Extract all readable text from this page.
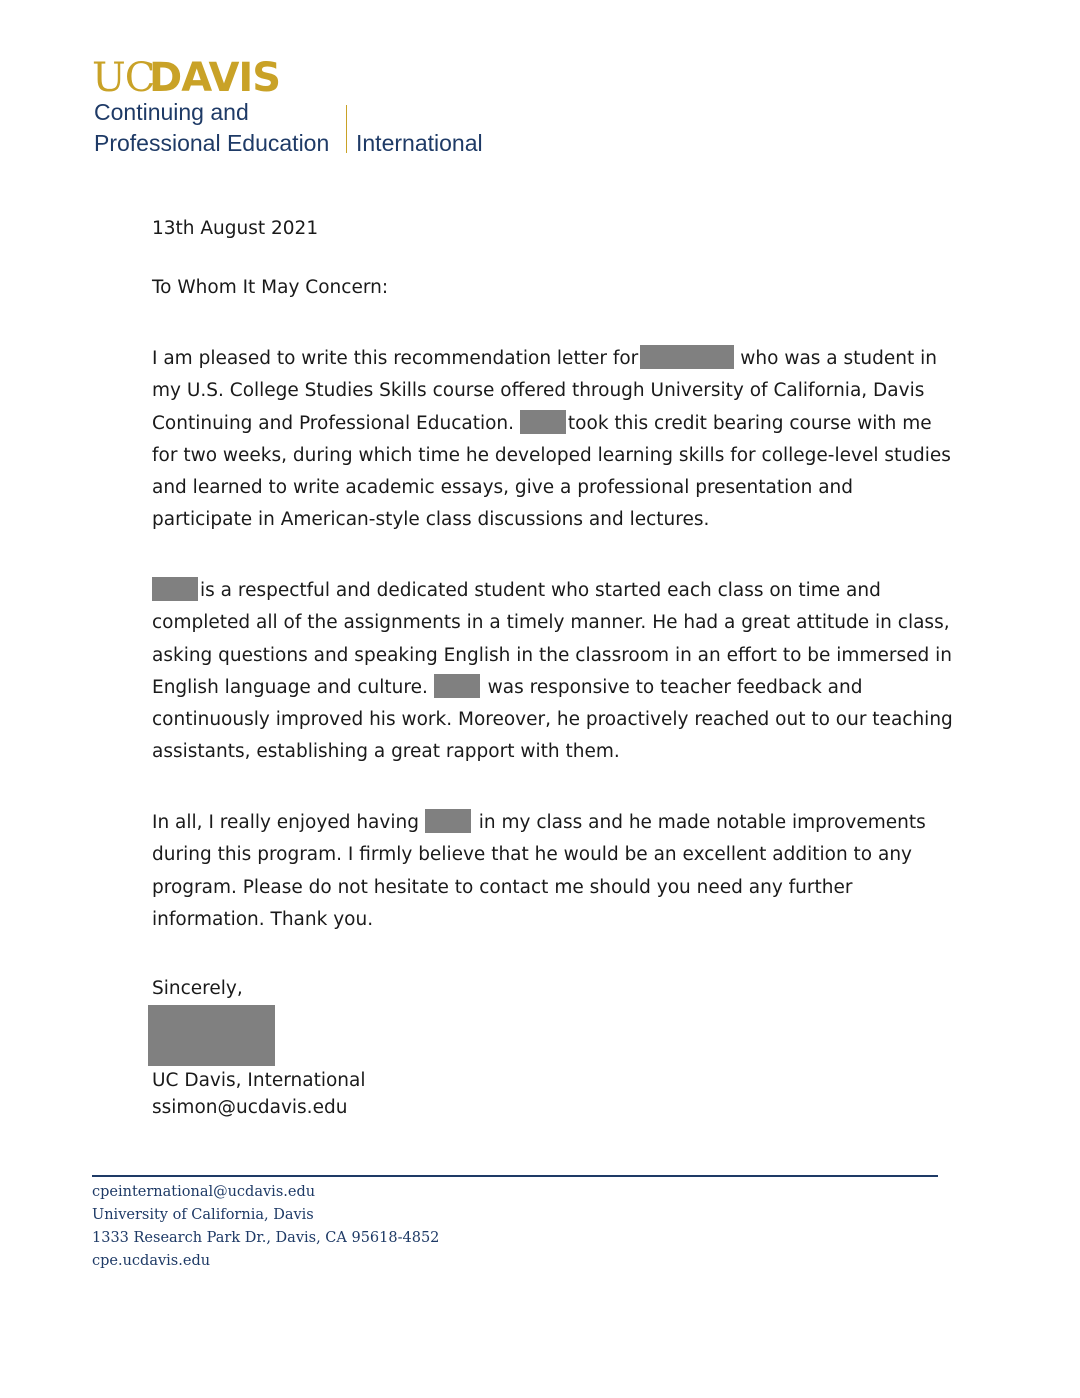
UC
DAVIS
Continuing and
Professional Education International
13th August 2021
To Whom It May Concern:
I am pleased to write this recommendation letter for	who was a student in
my U.S. College Studies Skills course offered through University of California, Davis
Continuing and Professional Education.	took this credit bearing course with me
for two weeks, during which time he developed learning skills for college-level studies
and learned to write academic essays, give a professional presentation and
participate in American-style class discussions and lectures.
is a respectful and dedicated student who started each class on time and
completed all of the assignments in a timely manner. He had a great attitude in class,
asking questions and speaking English in the classroom in an effort to be immersed in
English language and culture.	was responsive to teacher feedback and
continuously improved his work. Moreover, he proactively reached out to our teaching
assistants, establishing a great rapport with them.
In all, I really enjoyed having	in my class and he made notable improvements
during this program. I firmly believe that he would be an excellent addition to any
program. Please do not hesitate to contact me should you need any further
information. Thank you.
Sincerely,
UC Davis, International
ssimon@ucdavis.edu
cpeinternational@ucdavis.edu
University of California, Davis
1333 Research Park Dr., Davis, CA 95618-4852
cpe.ucdavis.edu
